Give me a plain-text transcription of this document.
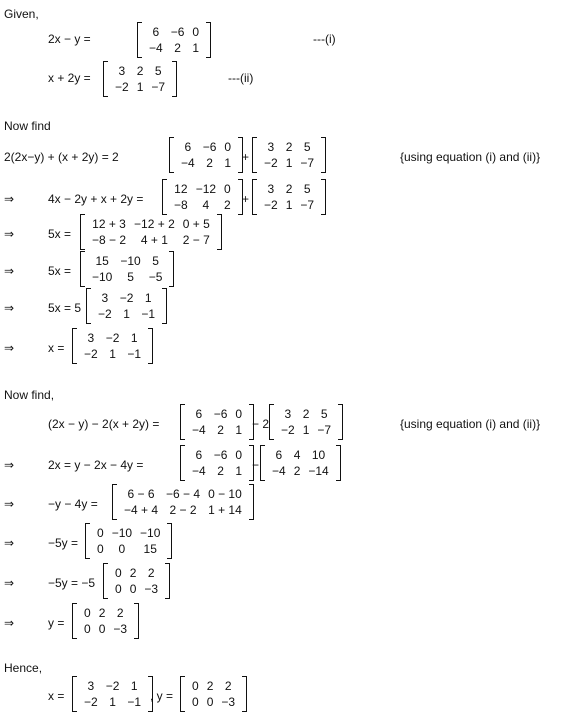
Given,
2x − y =	6	−6	0
−4	2	1
---(i)
x + 2y = 3	2	5
−2	1	−7
---(ii)
Now find
2(2x−y) + (x + 2y) = 2
6	−6	0
−4	2	1 +
3	2	5
−2	1	−7	{using equation (i) and (ii)}
⇒	4x − 2y + x + 2y =
12	−12	0
−8	4	2 +
3	2	5
−2	1	−7
⇒	5x =
12 + 3	−12 + 2	0 + 5
−8 − 2	4 + 1	2 − 7
⇒	5x =
15	−10	5
−10	5	−5
⇒	5x = 5
3	−2	1
−2	1	−1
⇒	x =
3	−2	1
−2	1	−1
Now find,
(2x − y) − 2(x + 2y) =
6	−6	0
−4	2	1 − 2
3	2	5
−2	1	−7	{using equation (i) and (ii)}
⇒	2x = y − 2x − 4y =
6	−6	0
−4	2	1 −
6	4	10
−4	2	−14
⇒	−y − 4y =
6 − 6	−6 − 4	0 − 10
−4 + 4	2 − 2	1 + 14
⇒	−5y =
0	−10	−10
0	0	15
⇒	−5y = −5
0	2	2
0	0	−3
⇒	y =
0	2	2
0	0	−3
Hence,
x =
3	−2	1
−2	1	−1 , y =
0	2	2
0	0	−3
